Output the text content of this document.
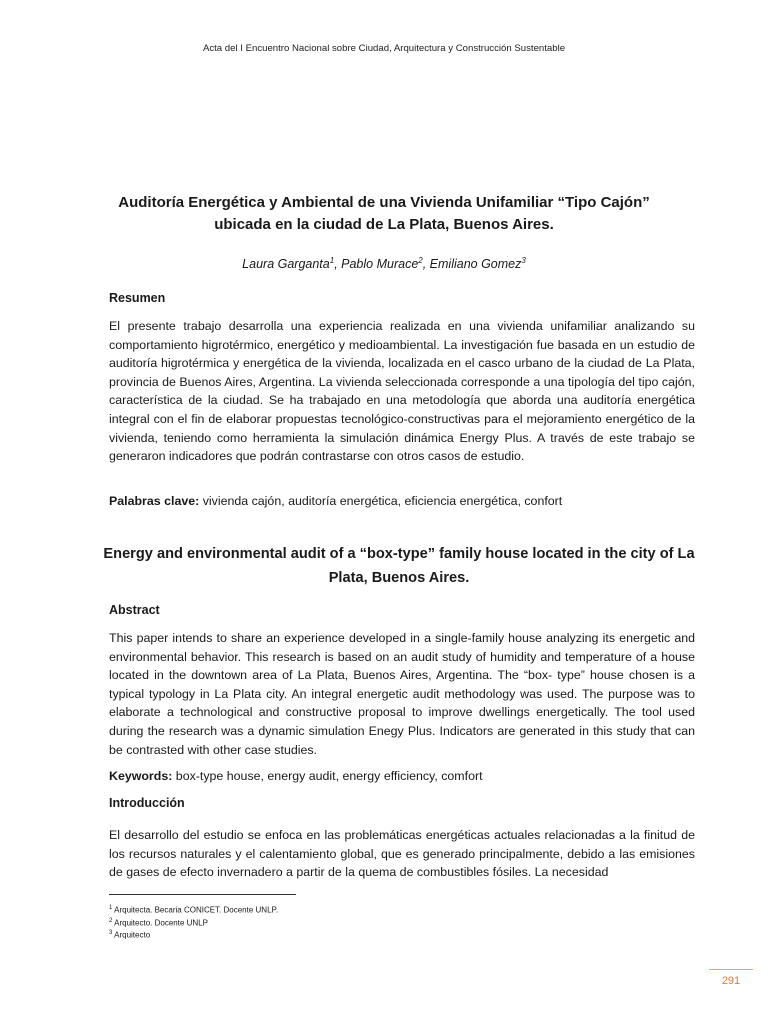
Acta del I Encuentro Nacional sobre Ciudad, Arquitectura y Construcción Sustentable
Auditoría Energética y Ambiental de una Vivienda Unifamiliar “Tipo Cajón” ubicada en la ciudad de La Plata, Buenos Aires.
Laura Garganta$^1$, Pablo Murace$^2$, Emiliano Gomez$^3$
Resumen

El presente trabajo desarrolla una experiencia realizada en una vivienda unifamiliar analizando su comportamiento higrotérmico, energético y medioambiental. La investigación fue basada en un estudio de auditoría higrotérmica y energética de la vivienda, localizada en el casco urbano de la ciudad de La Plata, provincia de Buenos Aires, Argentina. La vivienda seleccionada corresponde a una tipología del tipo cajón, característica de la ciudad. Se ha trabajado en una metodología que aborda una auditoría energética integral con el fin de elaborar propuestas tecnológico-constructivas para el mejoramiento energético de la vivienda, teniendo como herramienta la simulación dinámica Energy Plus. A través de este trabajo se generaron indicadores que podrán contrastarse con otros casos de estudio.

Palabras clave: vivienda cajón, auditoría energética, eficiencia energética, confort

Energy and environmental audit of a “box-type” family house located in the city of La Plata, Buenos Aires.
Abstract

This paper intends to share an experience developed in a single-family house analyzing its energetic and environmental behavior. This research is based on an audit study of humidity and temperature of a house located in the downtown area of La Plata, Buenos Aires, Argentina. The “box- type” house chosen is a typical typology in La Plata city. An integral energetic audit methodology was used. The purpose was to elaborate a technological and constructive proposal to improve dwellings energetically. The tool used during the research was a dynamic simulation Enegy Plus. Indicators are generated in this study that can be contrasted with other case studies.

Keywords: box-type house, energy audit, energy efficiency, comfort

Introducción

El desarrollo del estudio se enfoca en las problemáticas energéticas actuales relacionadas a la finitud de los recursos naturales y el calentamiento global, que es generado principalmente, debido a las emisiones de gases de efecto invernadero a partir de la quema de combustibles fósiles. La necesidad

$^1$ Arquitecta. Becaria CONICET. Docente UNLP.
$^2$ Arquitecto. Docente UNLP
$^3$ Arquitecto
291
